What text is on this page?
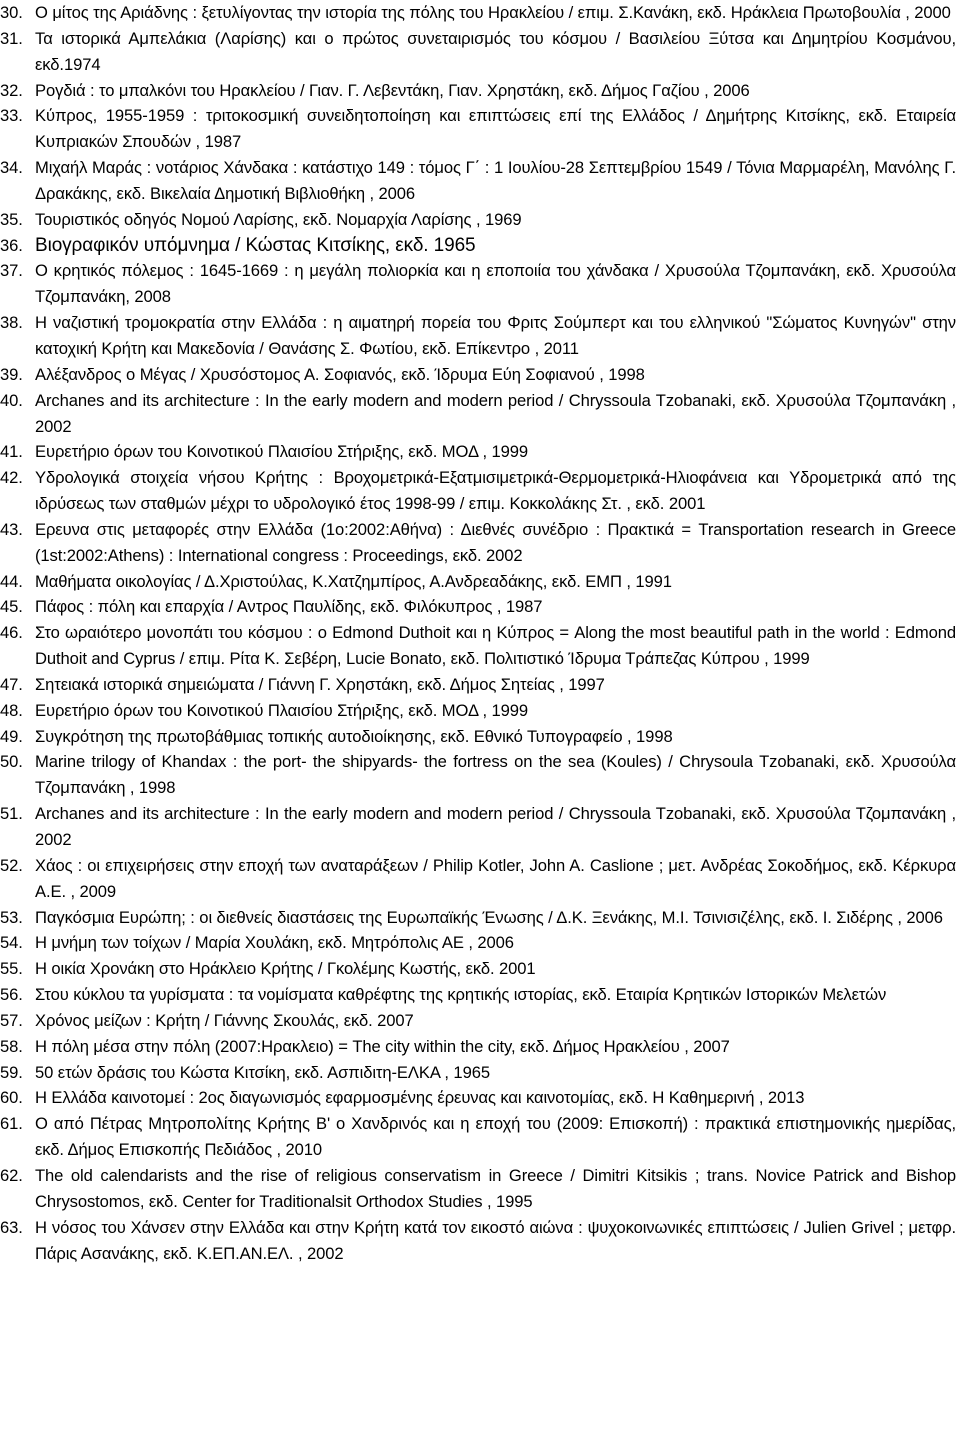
30. Ο μίτος της Αριάδνης : ξετυλίγοντας την ιστορία της πόλης του Ηρακλείου / επιμ. Σ.Κανάκη, εκδ. Ηράκλεια Πρωτοβουλία , 2000
31. Τα ιστορικά Αμπελάκια (Λαρίσης) και ο πρώτος συνεταιρισμός του κόσμου / Βασιλείου Ξύτσα και Δημητρίου Κοσμάνου, εκδ.1974
32. Ρογδιά : το μπαλκόνι του Ηρακλείου / Γιαν. Γ. Λεβεντάκη, Γιαν. Χρηστάκη, εκδ. Δήμος Γαζίου , 2006
33. Κύπρος, 1955-1959 : τριτοκοσμική συνειδητοποίηση και επιπτώσεις επί της Ελλάδος / Δημήτρης Κιτσίκης, εκδ. Εταιρεία Κυπριακών Σπουδών , 1987
34. Μιχαήλ Μαράς : νοτάριος Χάνδακα : κατάστιχο 149 : τόμος Γ΄ : 1 Ιουλίου-28 Σεπτεμβρίου 1549 / Τόνια Μαρμαρέλη, Μανόλης Γ. Δρακάκης, εκδ. Βικελαία Δημοτική Βιβλιοθήκη , 2006
35. Τουριστικός οδηγός Νομού Λαρίσης, εκδ. Νομαρχία Λαρίσης , 1969
36. Βιογραφικόν υπόμνημα / Κώστας Κιτσίκης, εκδ. 1965
37. Ο κρητικός πόλεμος : 1645-1669 : η μεγάλη πολιορκία και η εποποιία του χάνδακα / Χρυσούλα Τζομπανάκη, εκδ. Χρυσούλα Τζομπανάκη, 2008
38. Η ναζιστική τρομοκρατία στην Ελλάδα : η αιματηρή πορεία του Φριτς Σούμπερτ και του ελληνικού "Σώματος Κυνηγών" στην κατοχική Κρήτη και Μακεδονία / Θανάσης Σ. Φωτίου, εκδ. Επίκεντρο , 2011
39. Αλέξανδρος ο Μέγας / Χρυσόστομος Α. Σοφιανός, εκδ. Ίδρυμα Εύη Σοφιανού , 1998
40. Archanes and its architecture : In the early modern and modern period / Chryssoula Tzobanaki, εκδ. Χρυσούλα Τζομπανάκη , 2002
41. Ευρετήριο όρων του Κοινοτικού Πλαισίου Στήριξης, εκδ. ΜΟΔ , 1999
42. Υδρολογικά στοιχεία νήσου Κρήτης : Βροχομετρικά-Εξατμισιμετρικά-Θερμομετρικά-Ηλιοφάνεια και Υδρομετρικά από της ιδρύσεως των σταθμών μέχρι το υδρολογικό έτος 1998-99 / επιμ. Κοκκολάκης Στ. , εκδ. 2001
43. Ερευνα στις μεταφορές στην Ελλάδα (1ο:2002:Αθήνα) : Διεθνές συνέδριο : Πρακτικά = Transportation research in Greece (1st:2002:Athens) : International congress : Proceedings, εκδ. 2002
44. Μαθήματα οικολογίας / Δ.Χριστούλας, Κ.Χατζημπίρος, Α.Ανδρεαδάκης, εκδ. ΕΜΠ , 1991
45. Πάφος : πόλη και επαρχία / Αντρος Παυλίδης, εκδ. Φιλόκυπρος , 1987
46. Στο ωραιότερο μονοπάτι του κόσμου : ο Edmond Duthoit και η Κύπρος = Along the most beautiful path in the world : Edmond Duthoit and Cyprus / επιμ. Ρίτα Κ. Σεβέρη, Lucie Bonato, εκδ. Πολιτιστικό Ίδρυμα Τράπεζας Κύπρου , 1999
47. Σητειακά ιστορικά σημειώματα / Γιάννη Γ. Χρηστάκη, εκδ. Δήμος Σητείας , 1997
48. Ευρετήριο όρων του Κοινοτικού Πλαισίου Στήριξης, εκδ. ΜΟΔ , 1999
49. Συγκρότηση της πρωτοβάθμιας τοπικής αυτοδιοίκησης, εκδ. Εθνικό Τυπογραφείο , 1998
50. Marine trilogy of Khandax : the port- the shipyards- the fortress on the sea (Koules) / Chrysoula Tzobanaki, εκδ. Χρυσούλα Τζομπανάκη , 1998
51. Archanes and its architecture : In the early modern and modern period / Chryssoula Tzobanaki, εκδ. Χρυσούλα Τζομπανάκη , 2002
52. Χάος : οι επιχειρήσεις στην εποχή των αναταράξεων / Philip Kotler, John A. Caslione ; μετ. Ανδρέας Σοκοδήμος, εκδ. Κέρκυρα Α.Ε. , 2009
53. Παγκόσμια Ευρώπη; : οι διεθνείς διαστάσεις της Ευρωπαϊκής Ένωσης / Δ.Κ. Ξενάκης, Μ.Ι. Τσινισιζέλης, εκδ. Ι. Σιδέρης , 2006
54. Η μνήμη των τοίχων / Μαρία Χουλάκη, εκδ. Μητρόπολις ΑΕ , 2006
55. Η οικία Χρονάκη στο Ηράκλειο Κρήτης / Γκολέμης Κωστής, εκδ. 2001
56. Στου κύκλου τα γυρίσματα : τα νομίσματα καθρέφτης της κρητικής ιστορίας, εκδ. Εταιρία Κρητικών Ιστορικών Μελετών
57. Χρόνος μείζων : Κρήτη / Γιάννης Σκουλάς, εκδ. 2007
58. Η πόλη μέσα στην πόλη (2007:Ηρακλειο) = The city within the city, εκδ. Δήμος Ηρακλείου , 2007
59. 50 ετών δράσις του Κώστα Κιτσίκη, εκδ. Ασπιδιτη-ΕΛΚΑ , 1965
60. Η Ελλάδα καινοτομεί : 2ος διαγωνισμός εφαρμοσμένης έρευνας και καινοτομίας, εκδ. Η Καθημερινή , 2013
61. Ο από Πέτρας Μητροπολίτης Κρήτης Β' ο Χανδρινός και η εποχή του (2009: Επισκοπή) : πρακτικά επιστημονικής ημερίδας, εκδ. Δήμος Επισκοπής Πεδιάδος , 2010
62. The old calendarists and the rise of religious conservatism in Greece / Dimitri Kitsikis ; trans. Novice Patrick and Bishop Chrysostomos, εκδ. Center for Traditionalsit Orthodox Studies , 1995
63. Η νόσος του Χάνσεν στην Ελλάδα και στην Κρήτη κατά τον εικοστό αιώνα : ψυχοκοινωνικές επιπτώσεις / Julien Grivel ; μετφρ. Πάρις Ασανάκης, εκδ. Κ.ΕΠ.ΑΝ.ΕΛ. , 2002
